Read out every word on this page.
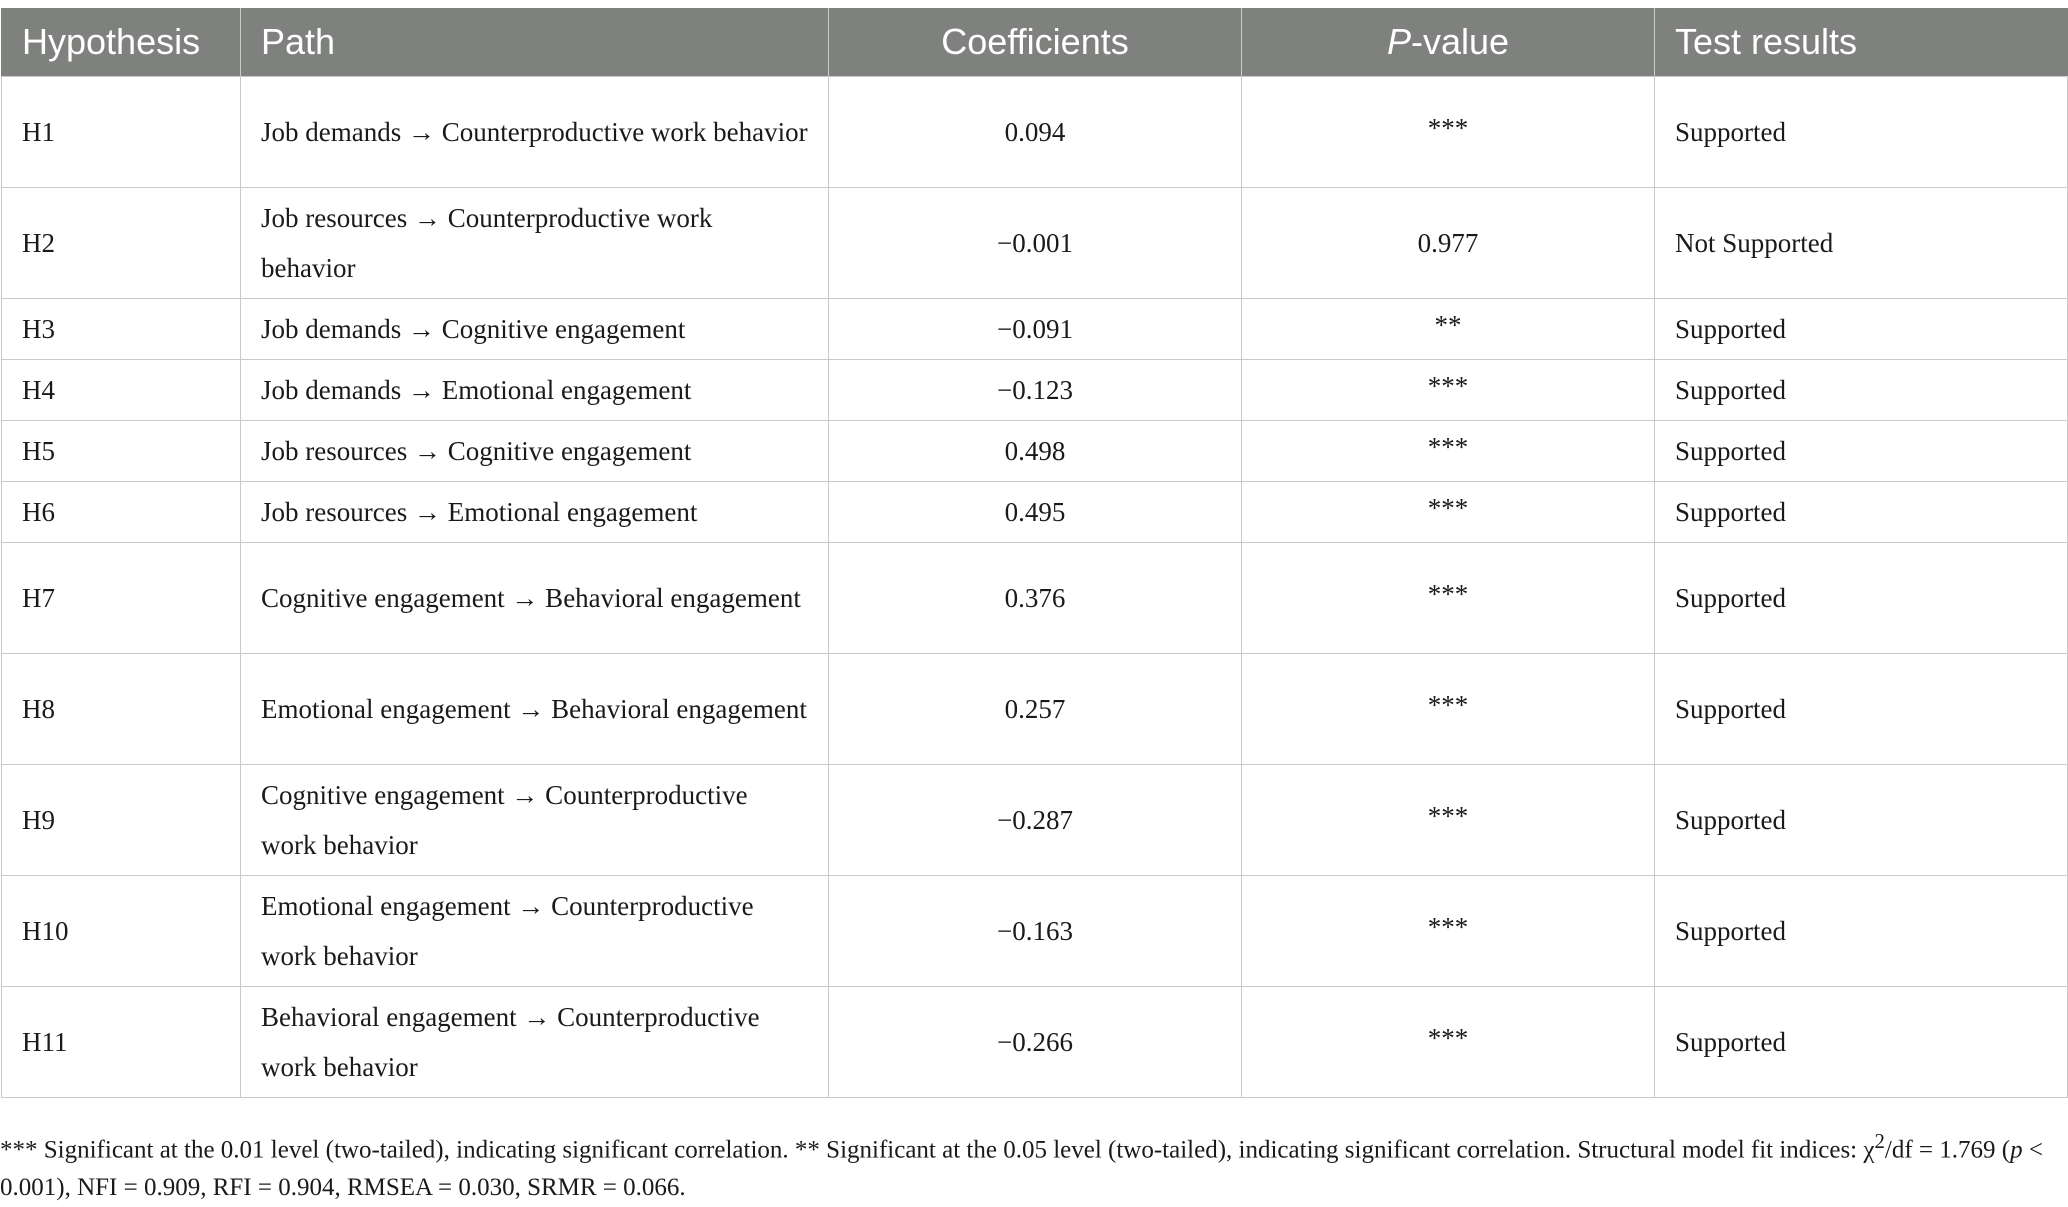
Hypothesis	Path	Coefficients	P-value	Test results
H1	Job demands → Counterproductive work behavior	0.094	***	Supported
H2	Job resources → Counterproductive work behavior	−0.001	0.977	Not Supported
H3	Job demands → Cognitive engagement	−0.091	**	Supported
H4	Job demands → Emotional engagement	−0.123	***	Supported
H5	Job resources → Cognitive engagement	0.498	***	Supported
H6	Job resources → Emotional engagement	0.495	***	Supported
H7	Cognitive engagement → Behavioral engagement	0.376	***	Supported
H8	Emotional engagement → Behavioral engagement	0.257	***	Supported
H9	Cognitive engagement → Counterproductive work behavior	−0.287	***	Supported
H10	Emotional engagement → Counterproductive work behavior	−0.163	***	Supported
H11	Behavioral engagement → Counterproductive work behavior	−0.266	***	Supported
*** Significant at the 0.01 level (two-tailed), indicating significant correlation. ** Significant at the 0.05 level (two-tailed), indicating significant correlation. Structural model fit indices: $\chi^2/df = 1.769$ (p < 0.001), NFI = 0.909, RFI = 0.904, RMSEA = 0.030, SRMR = 0.066.
